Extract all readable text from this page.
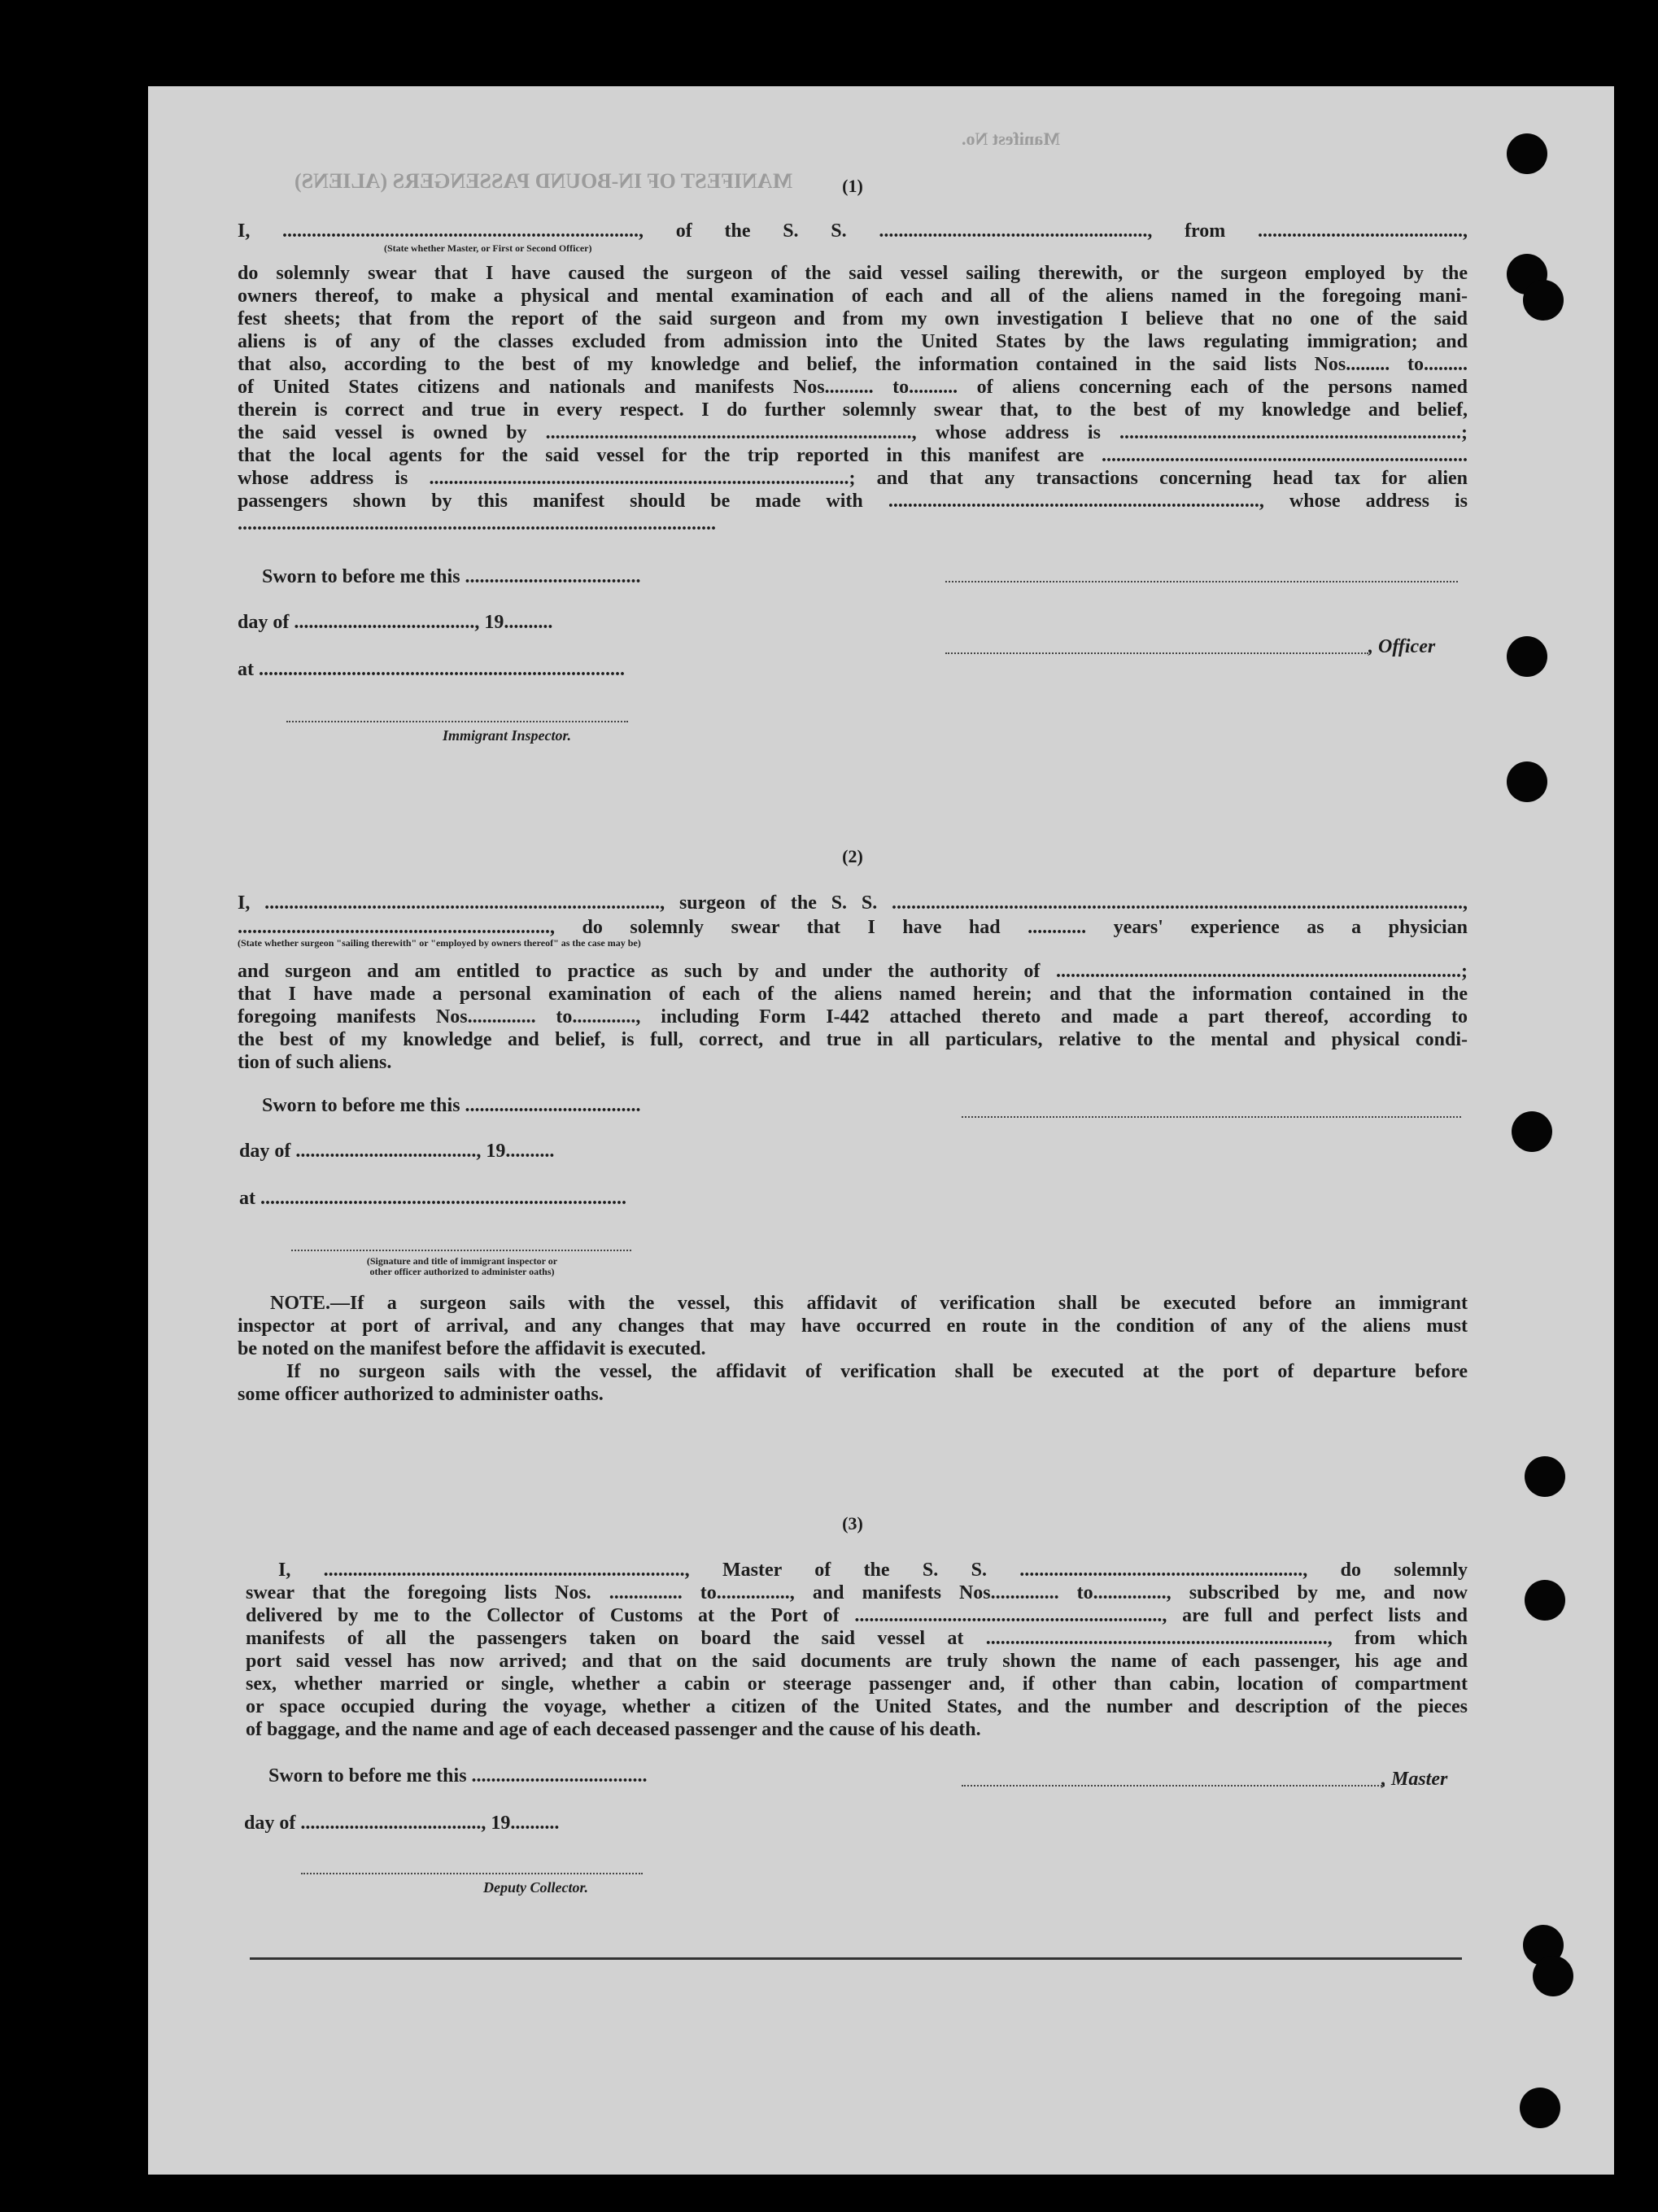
Manifest No.
MANIFEST OF IN-BOUND PASSENGERS (ALIENS)	(1)
I, ........................................................................., of the S. S. ......................................................., from ..........................................,
(State whether Master, or First or Second Officer)
do solemnly swear that I have caused the surgeon of the said vessel sailing therewith, or the surgeon employed by the
owners thereof, to make a physical and mental examination of each and all of the aliens named in the foregoing mani-
fest sheets; that from the report of the said surgeon and from my own investigation I believe that no one of the said
aliens is of any of the classes excluded from admission into the United States by the laws regulating immigration; and
that also, according to the best of my knowledge and belief, the information contained in the said lists Nos......... to.........
of United States citizens and nationals and manifests Nos.......... to.......... of aliens concerning each of the persons named
therein is correct and true in every respect. I do further solemnly swear that, to the best of my knowledge and belief,
the said vessel is owned by ..........................................................................., whose address is ......................................................................;
that the local agents for the said vessel for the trip reported in this manifest are ...........................................................................
whose address is ......................................................................................; and that any transactions concerning head tax for alien
passengers shown by this manifest should be made with ............................................................................, whose address is
..................................................................................................
Sworn to before me this ....................................
day of ....................................., 19..........
, Officer
at ...........................................................................
Immigrant Inspector.
(2)
I, ................................................................................., surgeon of the S. S. .....................................................................................................................,
................................................................, do solemnly swear that I have had ............ years' experience as a physician
(State whether surgeon "sailing therewith" or "employed by owners thereof" as the case may be)
and surgeon and am entitled to practice as such by and under the authority of ...................................................................................;
that I have made a personal examination of each of the aliens named herein; and that the information contained in the
foregoing manifests Nos.............. to............., including Form I-442 attached thereto and made a part thereof, according to
the best of my knowledge and belief, is full, correct, and true in all particulars, relative to the mental and physical condi-
tion of such aliens.
Sworn to before me this ....................................
day of ....................................., 19..........
at ...........................................................................
(Signature and title of immigrant inspector or
other officer authorized to administer oaths)
NOTE.—If a surgeon sails with the vessel, this affidavit of verification shall be executed before an immigrant
inspector at port of arrival, and any changes that may have occurred en route in the condition of any of the aliens must
be noted on the manifest before the affidavit is executed.
If no surgeon sails with the vessel, the affidavit of verification shall be executed at the port of departure before
some officer authorized to administer oaths.
(3)
I, .........................................................................., Master of the S. S. .........................................................., do solemnly
swear that the foregoing lists Nos. ............... to..............., and manifests Nos.............. to..............., subscribed by me, and now
delivered by me to the Collector of Customs at the Port of ..............................................................., are full and perfect lists and
manifests of all the passengers taken on board the said vessel at ......................................................................, from which
port said vessel has now arrived; and that on the said documents are truly shown the name of each passenger, his age and
sex, whether married or single, whether a cabin or steerage passenger and, if other than cabin, location of compartment
or space occupied during the voyage, whether a citizen of the United States, and the number and description of the pieces
of baggage, and the name and age of each deceased passenger and the cause of his death.
Sworn to before me this ....................................	, Master
day of ....................................., 19..........
Deputy Collector.
